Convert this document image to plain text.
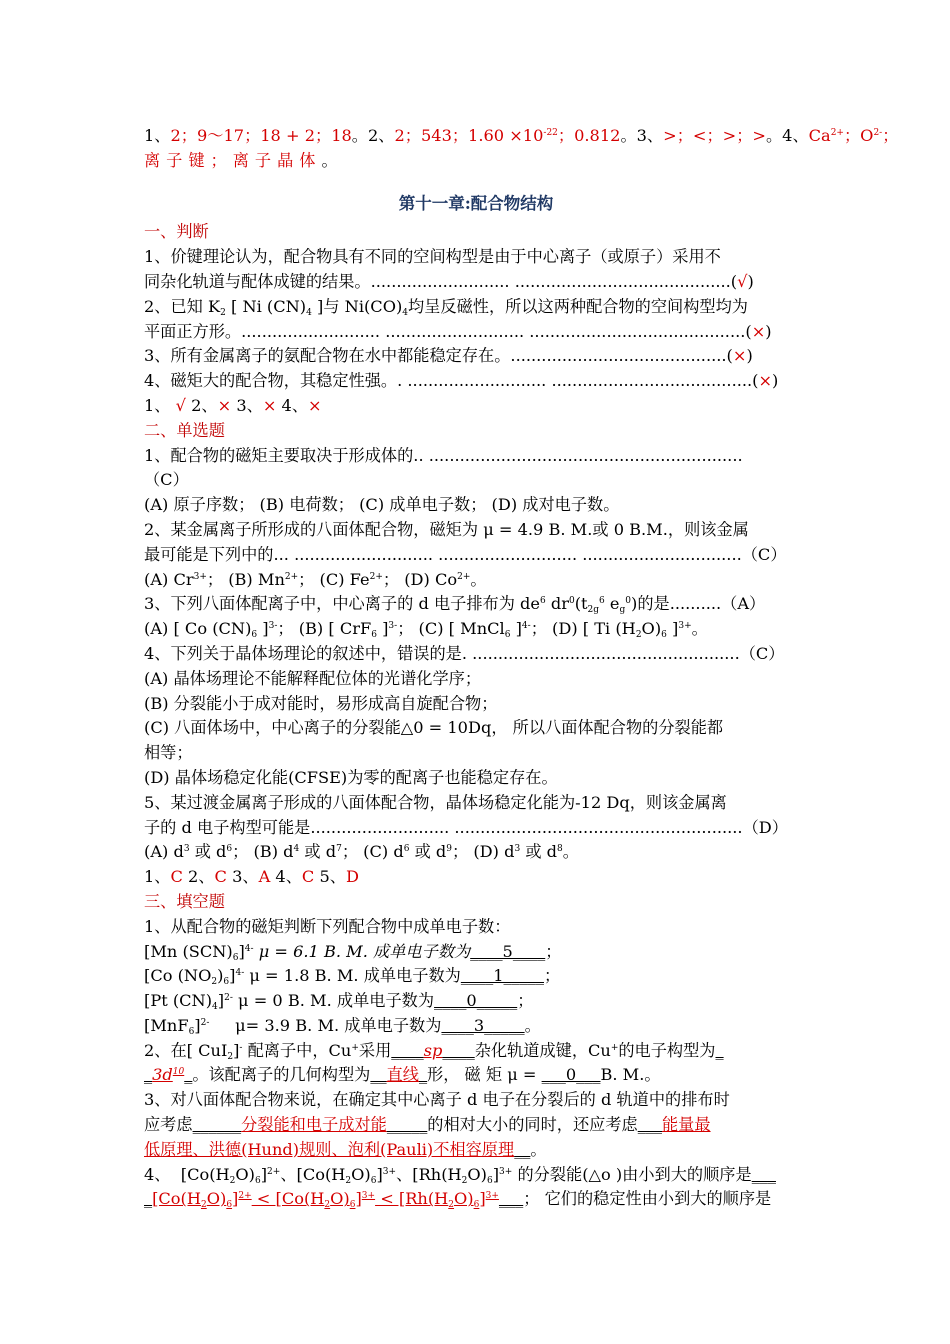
1、2；9～17；18 + 2；18。2、2；543；$1.60 \times 10^{-22}$；0.812。3、>；<；>；>。4、$Ca^{2+}$；$O^{2-}$；
离子键；离子晶体。
第十一章:配合物结构
一、判断
1、价键理论认为，配合物具有不同的空间构型是由于中心离子（或原子）采用不
同杂化轨道与配体成键的结果。........................... ..........................................(√)
2、已知 $K_2$ [ Ni $(CN)_4$ ]与 $Ni(CO)_4$均呈反磁性，所以这两种配合物的空间构型均为
平面正方形。........................... ........................... ..........................................(×)
3、所有金属离子的氨配合物在水中都能稳定存在。..........................................(×)
4、磁矩大的配合物，其稳定性强。. ........................... .......................................(×)
1、 √ 2、× 3、× 4、×
二、单选题
1、配合物的磁矩主要取决于形成体的.. .............................................................
（C）
(A) 原子序数； (B) 电荷数； (C) 成单电子数； (D) 成对电子数。
2、某金属离子所形成的八面体配合物，磁矩为 μ = 4.9 B. M.或 0 B.M.，则该金属
最可能是下列中的... ........................... ........................... ...............................（C）
(A) $Cr^{3+}$； (B) $Mn^{2+}$； (C) $Fe^{2+}$； (D) $Co^{2+}$。
3、下列八面体配离子中，中心离子的 d 电子排布为 $de^6$ $dr^0(t_{2g}^6$ $e_g^0$)的是..........（A）
(A) [ Co $(CN)_6$ ]$^{3-}$； (B) [ CrF$_6$ ]$^{3-}$； (C) [ MnCl$_6$ ]$^{4-}$； (D) [ Ti $(H_2O)_6$ ]$^{3+}$。
4、下列关于晶体场理论的叙述中，错误的是. ....................................................（C）
(A) 晶体场理论不能解释配位体的光谱化学序；
(B) 分裂能小于成对能时，易形成高自旋配合物；
(C) 八面体场中，中心离子的分裂能△0 = 10Dq， 所以八面体配合物的分裂能都
相等；
(D) 晶体场稳定化能(CFSE)为零的配离子也能稳定存在。
5、某过渡金属离子形成的八面体配合物，晶体场稳定化能为-12 Dq，则该金属离
子的 d 电子构型可能是........................... ........................................................（D）
(A) $d^3$ 或 $d^6$； (B) $d^4$ 或 $d^7$； (C) $d^6$ 或 $d^9$； (D) $d^3$ 或 $d^8$。
1、C 2、C 3、A 4、C 5、D
三、填空题
1、从配合物的磁矩判断下列配合物中成单电子数：
[Mn $(SCN)_6]^{4-}$ μ = 6.1 B. M. 成单电子数为____5____；
[Co $(NO_2)_6]^{4-}$ μ = 1.8 B. M. 成单电子数为____1_____；
[Pt $(CN)_4]^{2-}$ μ = 0 B. M. 成单电子数为____0_____；
$[MnF_6]^{2-}$     μ= 3.9 B. M. 成单电子数为____3_____。
2、在[ CuI$_2$]- 配离子中，Cu+采用____sp____杂化轨道成键，Cu+的电子构型为_
$\_3d^{10}\_$。该配离子的几何构型为__直线_形， 磁 矩 μ = ___0___B. M.。
3、对八面体配合物来说，在确定其中心离子 d 电子在分裂后的 d 轨道中的排布时
应考虑______分裂能和电子成对能_____的相对大小的同时，还应考虑___能量最
低原理、洪德(Hund)规则、泡利(Pauli)不相容原理__。
4、  $[Co(H_2O)_6]^{2+}$、$[Co(H_2O)_6]^{3+}$、$[Rh(H_2O)_6]^{3+}$ 的分裂能(△o )由小到大的顺序是___
$\_[Co(H_2O)_6]^{2+} < [Co(H_2O)_6]^{3+}$ < $[Rh(H_2O)_6]^{3+}\_\_\_$； 它们的稳定性由小到大的顺序是
